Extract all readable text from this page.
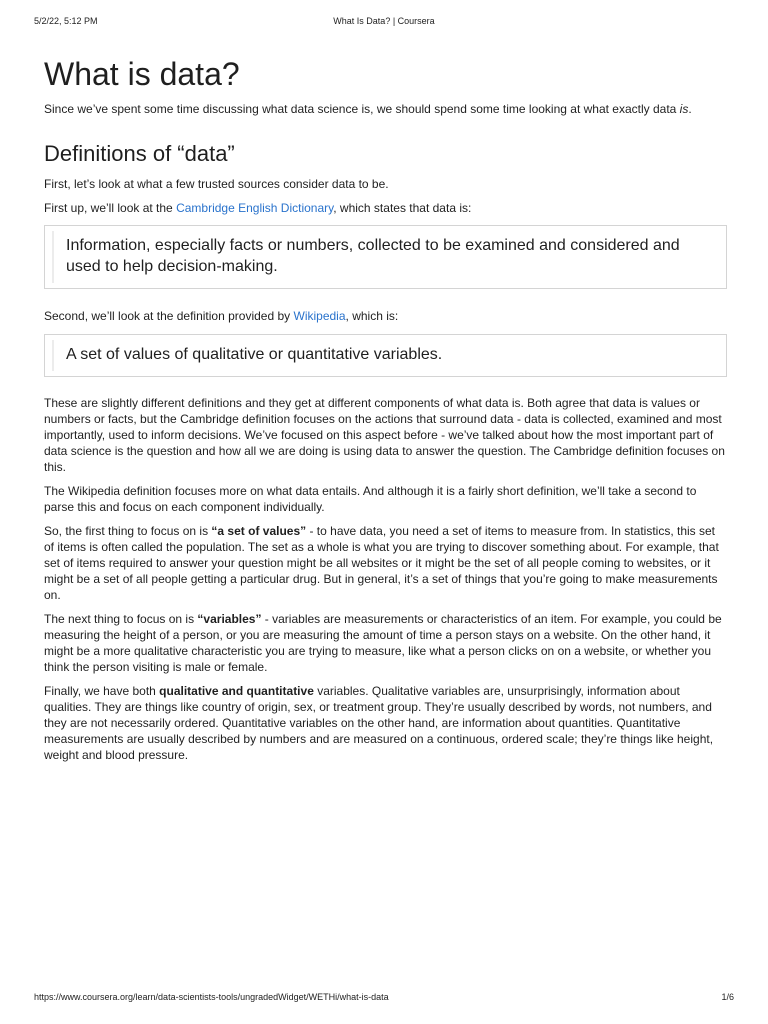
5/2/22, 5:12 PM	What Is Data? | Coursera
What is data?

Since we’ve spent some time discussing what data science is, we should spend some time looking at what exactly data is.

Definitions of “data”

First, let’s look at what a few trusted sources consider data to be.

First up, we’ll look at the Cambridge English Dictionary, which states that data is:

Information, especially facts or numbers, collected to be examined and considered and used to help decision-making.

Second, we’ll look at the definition provided by Wikipedia, which is:

A set of values of qualitative or quantitative variables.

These are slightly different definitions and they get at different components of what data is. Both agree that data is values or numbers or facts, but the Cambridge definition focuses on the actions that surround data - data is collected, examined and most importantly, used to inform decisions. We’ve focused on this aspect before - we’ve talked about how the most important part of data science is the question and how all we are doing is using data to answer the question. The Cambridge definition focuses on this.

The Wikipedia definition focuses more on what data entails. And although it is a fairly short definition, we’ll take a second to parse this and focus on each component individually.

So, the first thing to focus on is “a set of values” - to have data, you need a set of items to measure from. In statistics, this set of items is often called the population. The set as a whole is what you are trying to discover something about. For example, that set of items required to answer your question might be all websites or it might be the set of all people coming to websites, or it might be a set of all people getting a particular drug. But in general, it’s a set of things that you’re going to make measurements on.

The next thing to focus on is “variables” - variables are measurements or characteristics of an item. For example, you could be measuring the height of a person, or you are measuring the amount of time a person stays on a website. On the other hand, it might be a more qualitative characteristic you are trying to measure, like what a person clicks on on a website, or whether you think the person visiting is male or female.

Finally, we have both qualitative and quantitative variables. Qualitative variables are, unsurprisingly, information about qualities. They are things like country of origin, sex, or treatment group. They’re usually described by words, not numbers, and they are not necessarily ordered. Quantitative variables on the other hand, are information about quantities. Quantitative measurements are usually described by numbers and are measured on a continuous, ordered scale; they’re things like height, weight and blood pressure.

https://www.coursera.org/learn/data-scientists-tools/ungradedWidget/WETHi/what-is-data	1/6
